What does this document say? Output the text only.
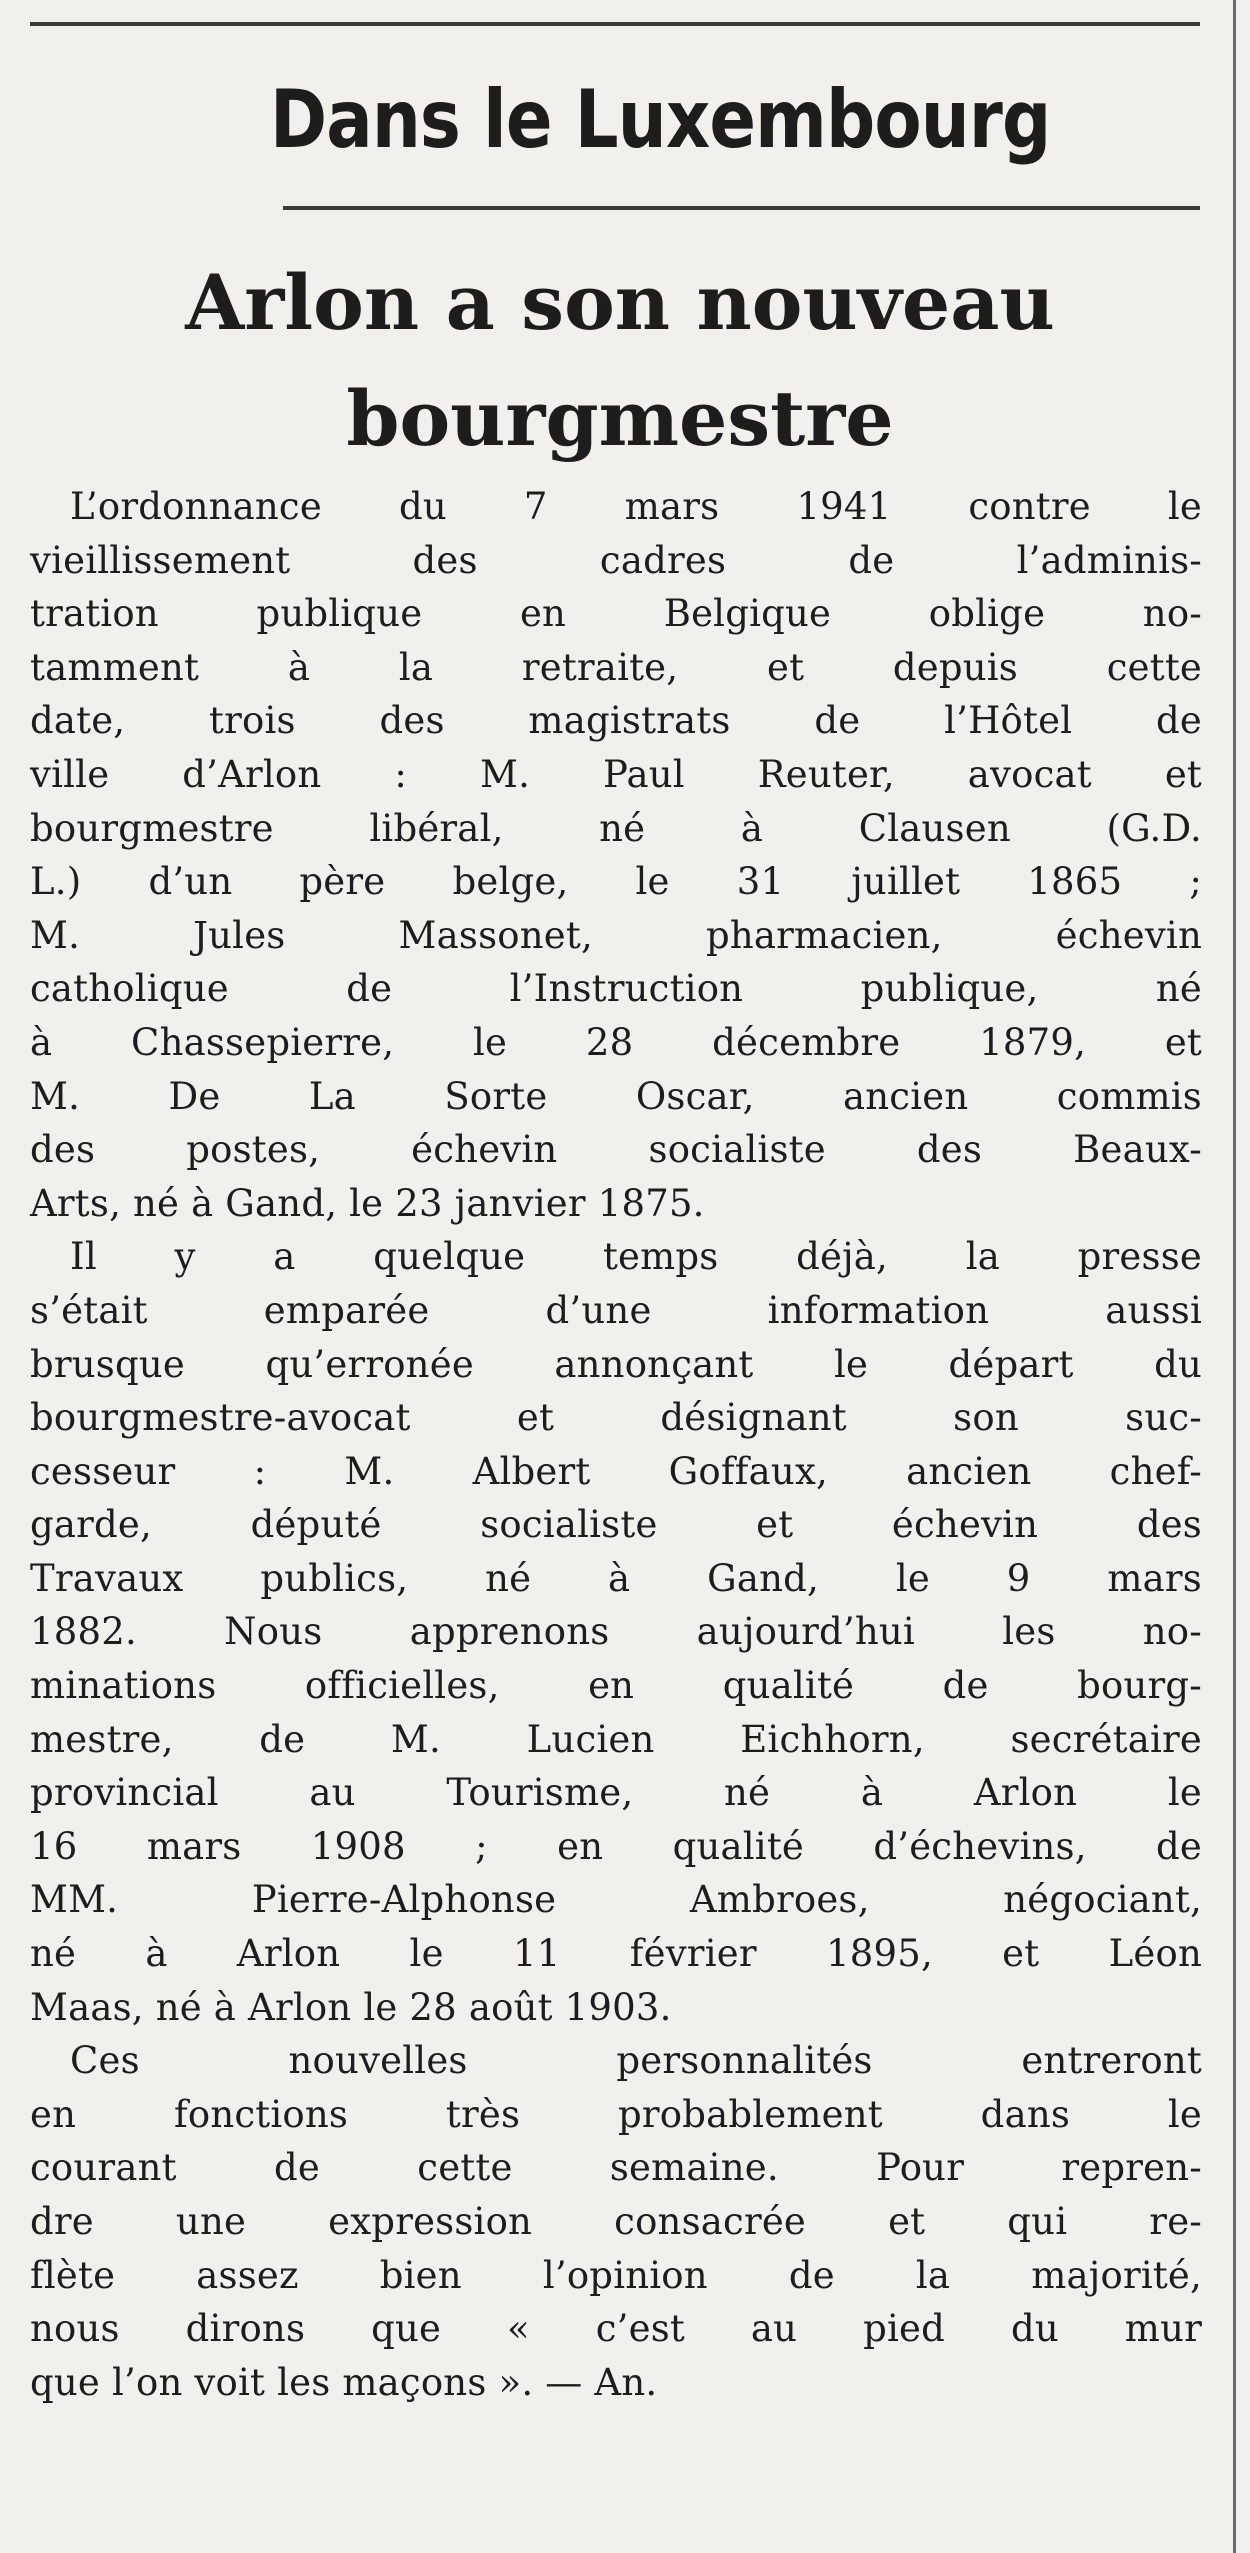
Dans le Luxembourg
Arlon a son nouveau
bourgmestre

L’ordonnance du 7 mars 1941 contre le
vieillissement des cadres de l’adminis-
tration publique en Belgique oblige no-
tamment à la retraite, et depuis cette
date, trois des magistrats de l’Hôtel de
ville d’Arlon : M. Paul Reuter, avocat et
bourgmestre libéral, né à Clausen (G.D.
L.) d’un père belge, le 31 juillet 1865 ;
M. Jules Massonet, pharmacien, échevin
catholique de l’Instruction publique, né
à Chassepierre, le 28 décembre 1879, et
M. De La Sorte Oscar, ancien commis
des postes, échevin socialiste des Beaux-
Arts, né à Gand, le 23 janvier 1875.

Il y a quelque temps déjà, la presse
s’était emparée d’une information aussi
brusque qu’erronée annonçant le départ du
bourgmestre-avocat et désignant son suc-
cesseur : M. Albert Goffaux, ancien chef-
garde, député socialiste et échevin des
Travaux publics, né à Gand, le 9 mars
1882. Nous apprenons aujourd’hui les no-
minations officielles, en qualité de bourg-
mestre, de M. Lucien Eichhorn, secrétaire
provincial au Tourisme, né à Arlon le
16 mars 1908 ; en qualité d’échevins, de
MM. Pierre-Alphonse Ambroes, négociant,
né à Arlon le 11 février 1895, et Léon
Maas, né à Arlon le 28 août 1903.

Ces nouvelles personnalités entreront
en fonctions très probablement dans le
courant de cette semaine. Pour repren-
dre une expression consacrée et qui re-
flète assez bien l’opinion de la majorité,
nous dirons que « c’est au pied du mur
que l’on voit les maçons ». — An.
